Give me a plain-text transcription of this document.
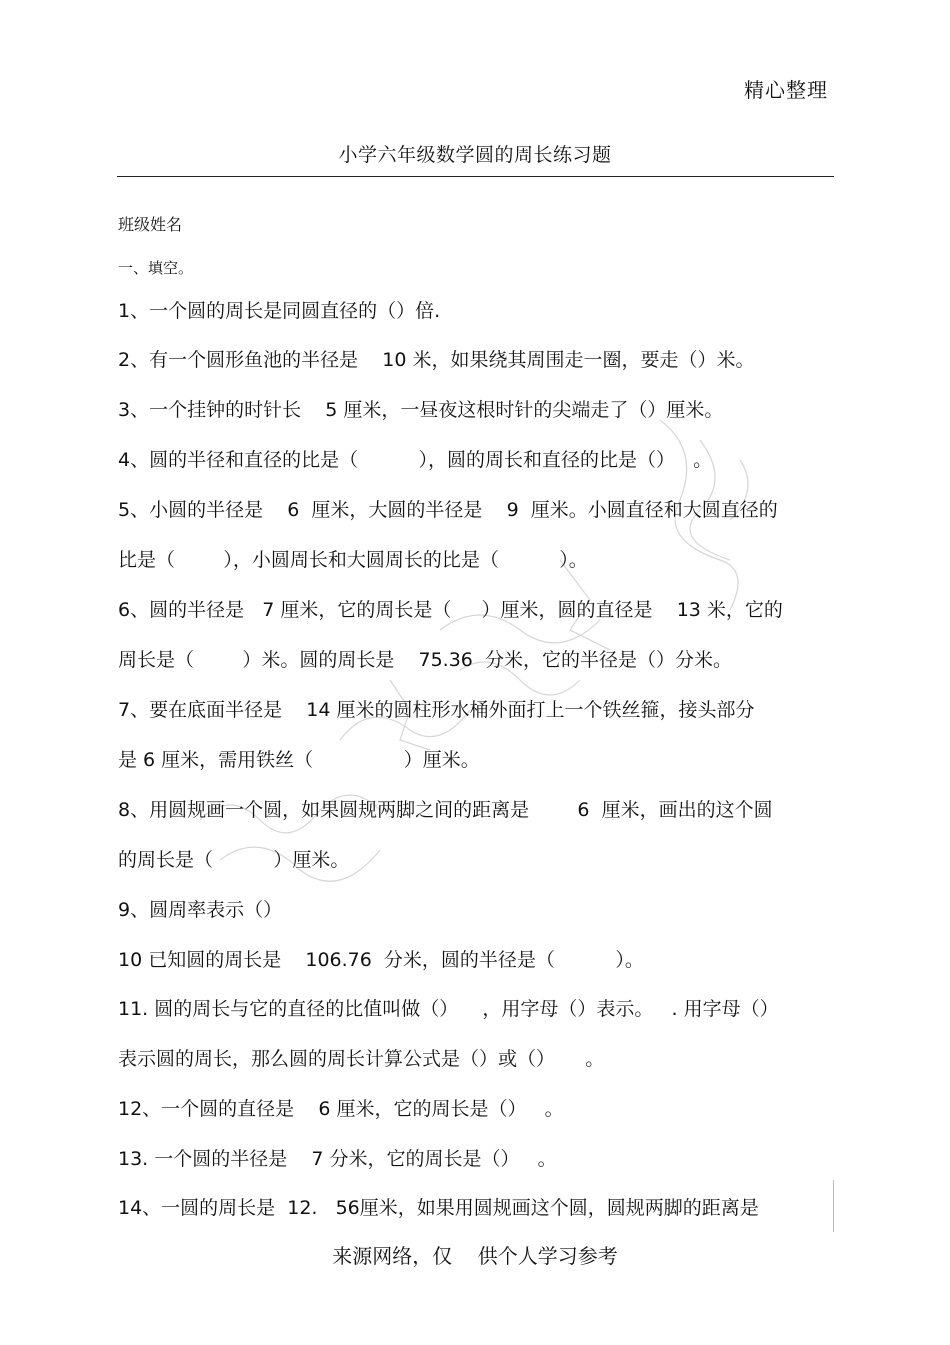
精心整理
小学六年级数学圆的周长练习题
班级姓名
一、填空。
1、一个圆的周长是同圆直径的（）倍.
2、有一个圆形鱼池的半径是    10 米，如果绕其周围走一圈，要走（）米。
3、一个挂钟的时针长    5 厘米，一昼夜这根时针的尖端走了（）厘米。
4、圆的半径和直径的比是（          ），圆的周长和直径的比是（）   。
5、小圆的半径是    6  厘米，大圆的半径是    9  厘米。小圆直径和大圆直径的
比是（        ），小圆周长和大圆周长的比是（          ）。
6、圆的半径是   7 厘米，它的周长是（     ）厘米，圆的直径是    13 米，它的
周长是（        ）米。圆的周长是    75.36  分米，它的半径是（）分米。
7、要在底面半径是    14 厘米的圆柱形水桶外面打上一个铁丝箍，接头部分
是 6 厘米，需用铁丝（               ）厘米。
8、用圆规画一个圆，如果圆规两脚之间的距离是        6  厘米，画出的这个圆
的周长是（          ）厘米。
9、圆周率表示（）
10 已知圆的周长是    106.76  分米，圆的半径是（          ）。
11. 圆的周长与它的直径的比值叫做（）    ，用字母（）表示。   . 用字母（）
表示圆的周长，那么圆的周长计算公式是（）或（）     。
12、一个圆的直径是    6 厘米，它的周长是（）   。
13. 一个圆的半径是    7 分米，它的周长是（）   。
14、一圆的周长是  12.   56厘米，如果用圆规画这个圆，圆规两脚的距离是
来源网络，仅    供个人学习参考
